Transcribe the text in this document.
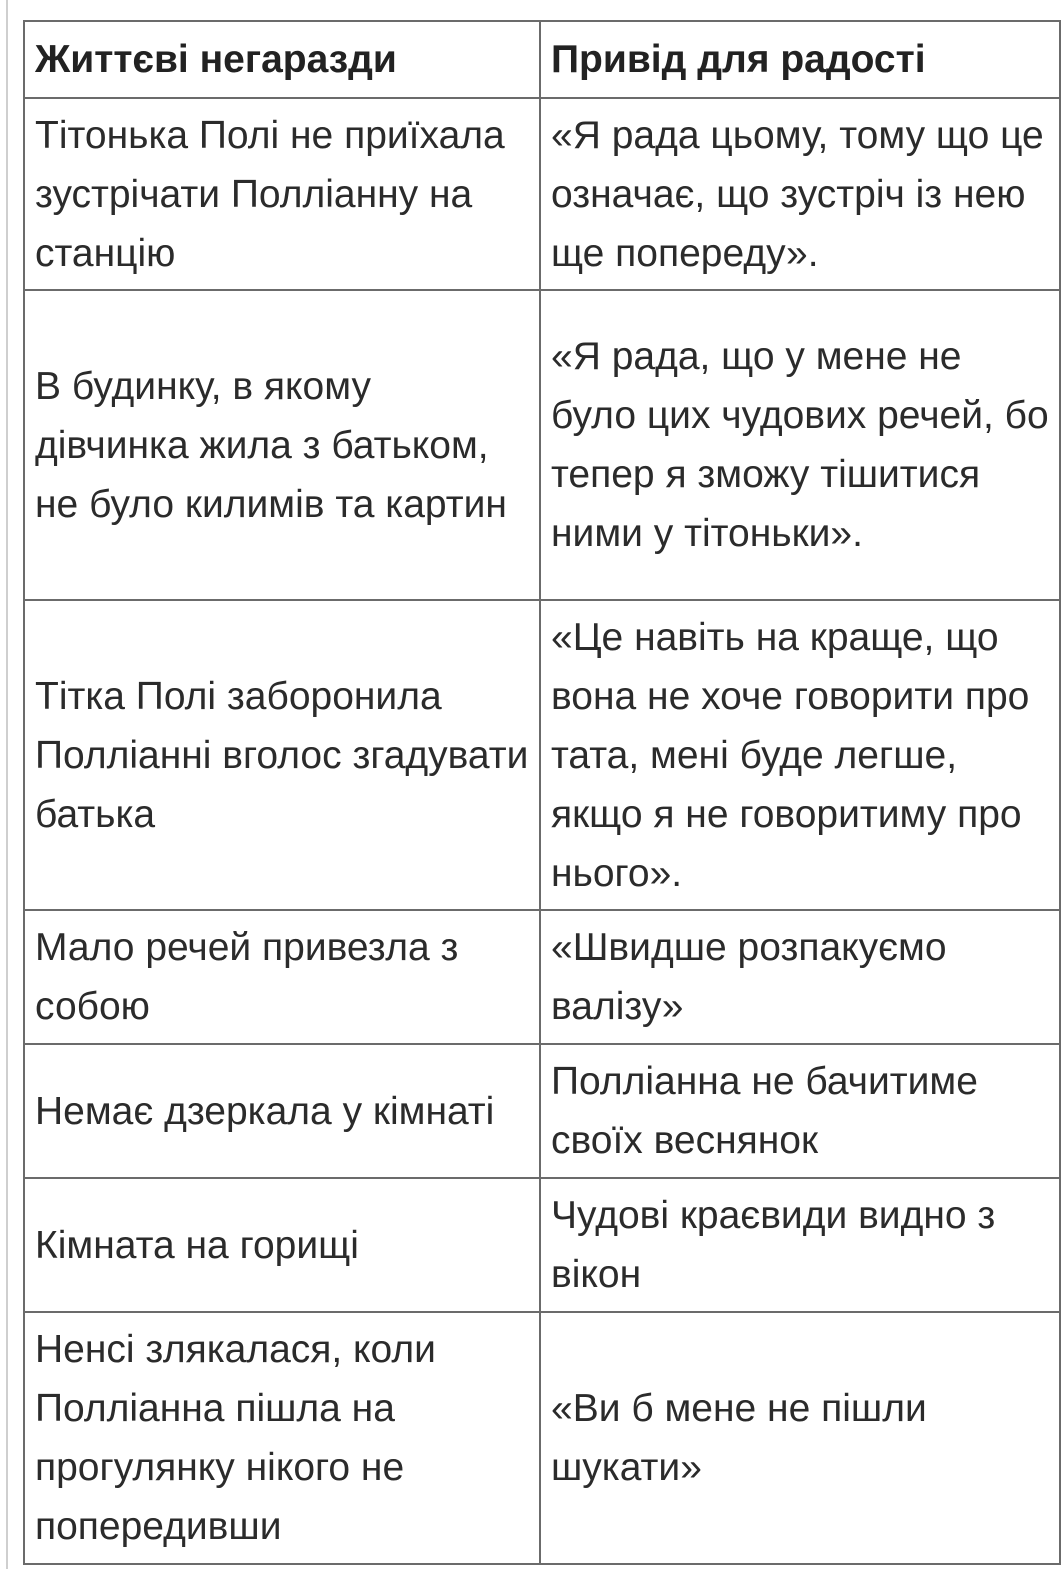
Життєві негаразди	Привід для радості
Тітонька Полі не приїхала зустрічати Поллiанну на станцію	«Я рада цьому, тому що це означає, що зустріч із нею ще попереду».
В будинку, в якому дівчинка жила з батьком, не було килимів та картин	«Я рада, що у мене не було цих чудових речей, бо тепер я зможу тішитися ними у тітоньки».
Тітка Полі заборонила Поллiанні вголос згадувати батька	«Це навіть на краще, що вона не хоче говорити про тата, мені буде легше, якщо я не говоритиму про нього».
Мало речей привезла з собою	«Швидше розпакуємо валізу»
Немає дзеркала у кімнаті	Поллiанна не бачитиме своїх веснянок
Кімната на горищі	Чудові краєвиди видно з вікон
Ненсі злякалася, коли Поллiанна пішла на прогулянку нікого не попередивши	«Ви б мене не пішли шукати»
